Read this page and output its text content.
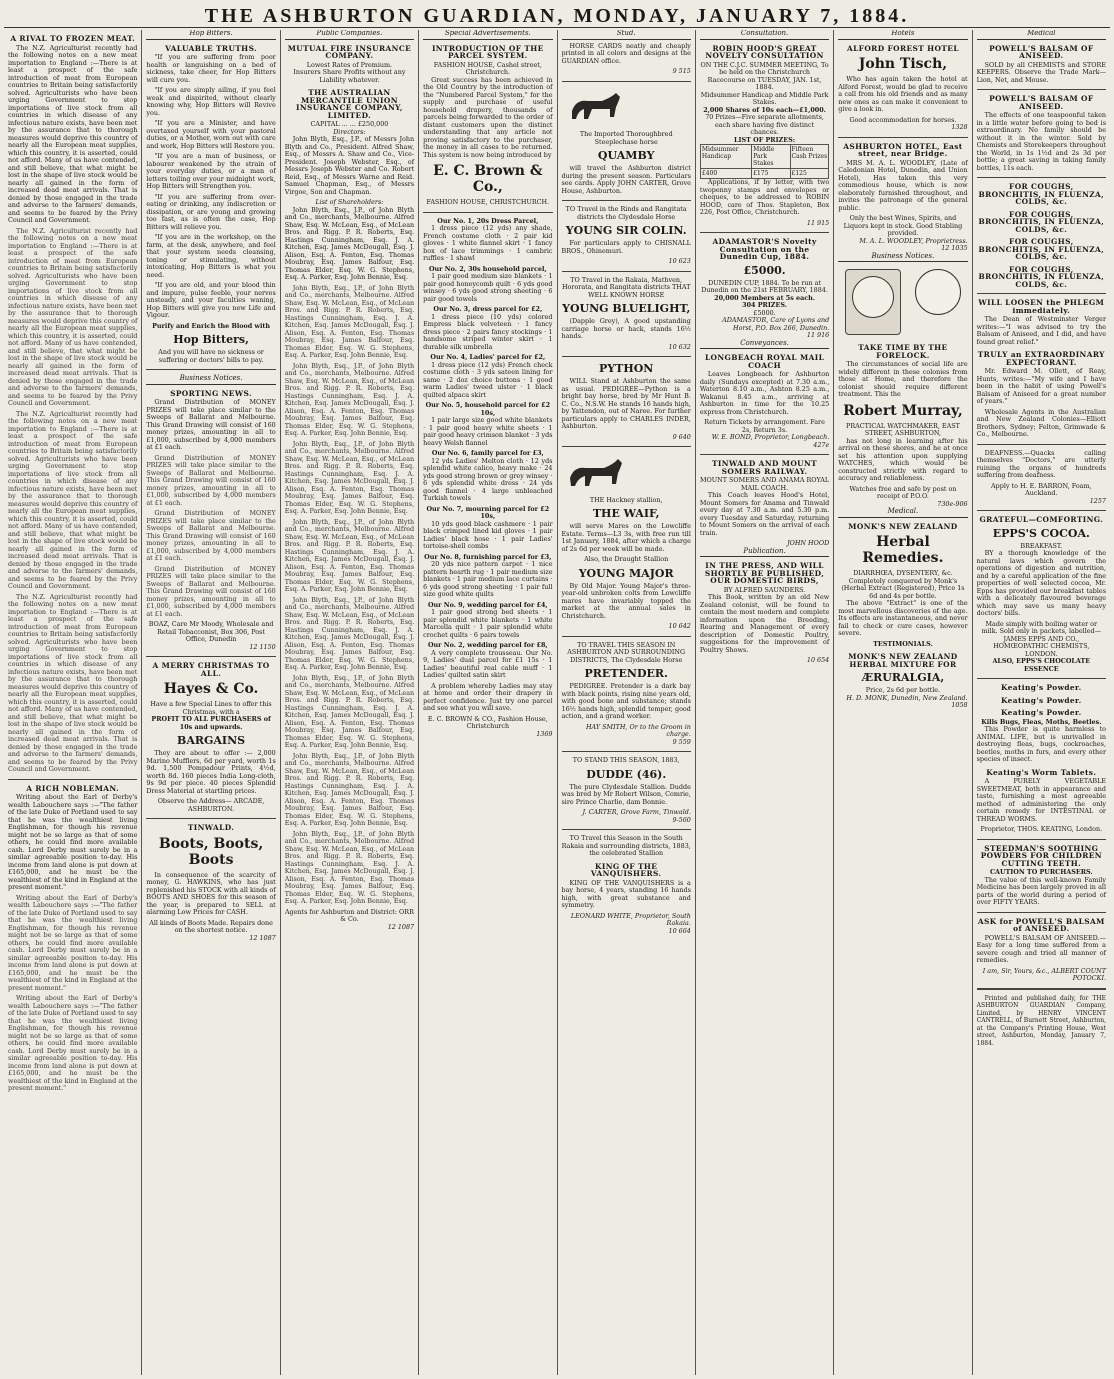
THE ASHBURTON GUARDIAN, MONDAY, JANUARY 7, 1884.
A RIVAL TO FROZEN MEAT.

The N.Z. Agriculturist recently had the following notes on a new meat importation to England :—There is at least a prospect of the safe introduction of meat from European countries to Britain being satisfactorily solved. Agriculturists who have been urging Government to stop importations of live stock from all countries in which disease of any infectious nature exists, have been met by the assurance that to thorough measures would deprive this country of nearly all the European meat supplies, which this country, it is asserted, could not afford. Many of us have contended, and still believe, that what might be lost in the shape of live stock would be nearly all gained in the form of increased dead meat arrivals. That is denied by those engaged in the trade and adverse to the farmers' demands, and seems to be feared by the Privy Council and Government.

The N.Z. Agriculturist recently had the following notes on a new meat importation to England :—There is at least a prospect of the safe introduction of meat from European countries to Britain being satisfactorily solved. Agriculturists who have been urging Government to stop importations of live stock from all countries in which disease of any infectious nature exists, have been met by the assurance that to thorough measures would deprive this country of nearly all the European meat supplies, which this country, it is asserted, could not afford. Many of us have contended, and still believe, that what might be lost in the shape of live stock would be nearly all gained in the form of increased dead meat arrivals. That is denied by those engaged in the trade and adverse to the farmers' demands, and seems to be feared by the Privy Council and Government.

The N.Z. Agriculturist recently had the following notes on a new meat importation to England :—There is at least a prospect of the safe introduction of meat from European countries to Britain being satisfactorily solved. Agriculturists who have been urging Government to stop importations of live stock from all countries in which disease of any infectious nature exists, have been met by the assurance that to thorough measures would deprive this country of nearly all the European meat supplies, which this country, it is asserted, could not afford. Many of us have contended, and still believe, that what might be lost in the shape of live stock would be nearly all gained in the form of increased dead meat arrivals. That is denied by those engaged in the trade and adverse to the farmers' demands, and seems to be feared by the Privy Council and Government.

The N.Z. Agriculturist recently had the following notes on a new meat importation to England :—There is at least a prospect of the safe introduction of meat from European countries to Britain being satisfactorily solved. Agriculturists who have been urging Government to stop importations of live stock from all countries in which disease of any infectious nature exists, have been met by the assurance that to thorough measures would deprive this country of nearly all the European meat supplies, which this country, it is asserted, could not afford. Many of us have contended, and still believe, that what might be lost in the shape of live stock would be nearly all gained in the form of increased dead meat arrivals. That is denied by those engaged in the trade and adverse to the farmers' demands, and seems to be feared by the Privy Council and Government.

A RICH NOBLEMAN.

Writing about the Earl of Derby's wealth Labouchere says :—"The father of the late Duke of Portland used to say that he was the wealthiest living Englishman, for though his revenue might not be so large as that of some others, he could find more available cash. Lord Derby must surely be in a similar agreeable position to-day. His income from land alone is put down at £165,000, and he must be the wealthiest of the kind in England at the present moment."

Writing about the Earl of Derby's wealth Labouchere says :—"The father of the late Duke of Portland used to say that he was the wealthiest living Englishman, for though his revenue might not be so large as that of some others, he could find more available cash. Lord Derby must surely be in a similar agreeable position to-day. His income from land alone is put down at £165,000, and he must be the wealthiest of the kind in England at the present moment."

Writing about the Earl of Derby's wealth Labouchere says :—"The father of the late Duke of Portland used to say that he was the wealthiest living Englishman, for though his revenue might not be so large as that of some others, he could find more available cash. Lord Derby must surely be in a similar agreeable position to-day. His income from land alone is put down at £165,000, and he must be the wealthiest of the kind in England at the present moment."

Hop Bitters.
VALUABLE TRUTHS.

"If you are suffering from poor health or languishing on a bed of sickness, take cheer, for Hop Bitters will cure you.

"If you are simply ailing, if you feel weak and dispirited, without clearly knowing why, Hop Bitters will Revive you.

"If you are a Minister, and have overtaxed yourself with your pastoral duties, or a Mother, worn out with care and work, Hop Bitters will Restore you.

"If you are a man of business, or labourer weakened by the strain of your everyday duties, or a man of letters toiling over your midnight work, Hop Bitters will Strengthen you.

"If you are suffering from over-eating or drinking, any indiscretion or dissipation, or are young and growing too fast, as is often the case, Hop Bitters will relieve you.

"If you are in the workshop, on the farm, at the desk, anywhere, and feel that your system needs cleansing, toning or stimulating, without intoxicating, Hop Bitters is what you need.

"If you are old, and your blood thin and impure, pulse feeble, your nerves unsteady, and your faculties waning, Hop Bitters will give you new Life and Vigour.

Purify and Enrich the Blood with
Hop Bitters,
And you will have no sickness or suffering or doctors' bills to pay.
Business Notices.
SPORTING NEWS.

Grand Distribution of MONEY PRIZES will take place similar to the Sweeps of Ballarat and Melbourne. This Grand Drawing will consist of 160 money prizes, amounting in all to £1,000, subscribed by 4,000 members at £1 each.

Grand Distribution of MONEY PRIZES will take place similar to the Sweeps of Ballarat and Melbourne. This Grand Drawing will consist of 160 money prizes, amounting in all to £1,000, subscribed by 4,000 members at £1 each.

Grand Distribution of MONEY PRIZES will take place similar to the Sweeps of Ballarat and Melbourne. This Grand Drawing will consist of 160 money prizes, amounting in all to £1,000, subscribed by 4,000 members at £1 each.

Grand Distribution of MONEY PRIZES will take place similar to the Sweeps of Ballarat and Melbourne. This Grand Drawing will consist of 160 money prizes, amounting in all to £1,000, subscribed by 4,000 members at £1 each.

BOAZ, Care Mr Moody, Wholesale and Retail Tobacconist, Box 306, Post Office, Dunedin
12 1150
A MERRY CHRISTMAS TO ALL.
Hayes & Co.
Have a few Special Lines to offer this Christmas, with a
PROFIT TO ALL PURCHASERS of 10s and upwards.
BARGAINS

They are about to offer :— 2,000 Marino Mufflers, 6d per yard, worth 1s 9d. 1,500 Pompadour Prints, 4½d, worth 8d. 160 pieces India Long-cloth, 9s 9d per piece. 40 pieces Splendid Dress Material at startling prices.

Observe the Address— ARCADE, ASHBURTON.
TINWALD.
Boots, Boots, Boots

In consequence of the scarcity of money, G. HAWKINS, who has just replenished his STOCK with all kinds of BOOTS AND SHOES for this season of the year, is prepared to SELL at alarming Low Prices for CASH.

All kinds of Boots Made. Repairs done on the shortest notice.
12 1087
Public Companies.
MUTUAL FIRE INSURANCE COMPANY.
Lowest Rates of Premium.
Insurers Share Profits without any Liability whatever.
THE AUSTRALIAN MERCANTILE UNION INSURANCE COMPANY, LIMITED.
CAPITAL ... ... £250,000
Directors:

John Blyth, Esq., J.P., of Messrs John Blyth and Co., President. Alfred Shaw, Esq., of Messrs A. Shaw and Co., Vice-President. Joseph Webster, Esq., of Messrs Joseph Webster and Co. Robert Reid, Esq., of Messrs Warne and Reid. Samuel Chapman, Esq., of Messrs Virgoe, Son and Chapman.

List of Shareholders:

John Blyth, Esq., J.P., of John Blyth and Co., merchants, Melbourne. Alfred Shaw, Esq. W. McLean, Esq., of McLean Bros. and Rigg. P. R. Roberts, Esq. Hastings Cunningham, Esq. J. A. Kitchen, Esq. James McDougall, Esq. J. Alison, Esq. A. Fenton, Esq. Thomas Moubray, Esq. James Balfour, Esq. Thomas Elder, Esq. W. G. Stephens, Esq. A. Parker, Esq. John Bennie, Esq.

John Blyth, Esq., J.P., of John Blyth and Co., merchants, Melbourne. Alfred Shaw, Esq. W. McLean, Esq., of McLean Bros. and Rigg. P. R. Roberts, Esq. Hastings Cunningham, Esq. J. A. Kitchen, Esq. James McDougall, Esq. J. Alison, Esq. A. Fenton, Esq. Thomas Moubray, Esq. James Balfour, Esq. Thomas Elder, Esq. W. G. Stephens, Esq. A. Parker, Esq. John Bennie, Esq.

John Blyth, Esq., J.P., of John Blyth and Co., merchants, Melbourne. Alfred Shaw, Esq. W. McLean, Esq., of McLean Bros. and Rigg. P. R. Roberts, Esq. Hastings Cunningham, Esq. J. A. Kitchen, Esq. James McDougall, Esq. J. Alison, Esq. A. Fenton, Esq. Thomas Moubray, Esq. James Balfour, Esq. Thomas Elder, Esq. W. G. Stephens, Esq. A. Parker, Esq. John Bennie, Esq.

John Blyth, Esq., J.P., of John Blyth and Co., merchants, Melbourne. Alfred Shaw, Esq. W. McLean, Esq., of McLean Bros. and Rigg. P. R. Roberts, Esq. Hastings Cunningham, Esq. J. A. Kitchen, Esq. James McDougall, Esq. J. Alison, Esq. A. Fenton, Esq. Thomas Moubray, Esq. James Balfour, Esq. Thomas Elder, Esq. W. G. Stephens, Esq. A. Parker, Esq. John Bennie, Esq.

John Blyth, Esq., J.P., of John Blyth and Co., merchants, Melbourne. Alfred Shaw, Esq. W. McLean, Esq., of McLean Bros. and Rigg. P. R. Roberts, Esq. Hastings Cunningham, Esq. J. A. Kitchen, Esq. James McDougall, Esq. J. Alison, Esq. A. Fenton, Esq. Thomas Moubray, Esq. James Balfour, Esq. Thomas Elder, Esq. W. G. Stephens, Esq. A. Parker, Esq. John Bennie, Esq.

John Blyth, Esq., J.P., of John Blyth and Co., merchants, Melbourne. Alfred Shaw, Esq. W. McLean, Esq., of McLean Bros. and Rigg. P. R. Roberts, Esq. Hastings Cunningham, Esq. J. A. Kitchen, Esq. James McDougall, Esq. J. Alison, Esq. A. Fenton, Esq. Thomas Moubray, Esq. James Balfour, Esq. Thomas Elder, Esq. W. G. Stephens, Esq. A. Parker, Esq. John Bennie, Esq.

John Blyth, Esq., J.P., of John Blyth and Co., merchants, Melbourne. Alfred Shaw, Esq. W. McLean, Esq., of McLean Bros. and Rigg. P. R. Roberts, Esq. Hastings Cunningham, Esq. J. A. Kitchen, Esq. James McDougall, Esq. J. Alison, Esq. A. Fenton, Esq. Thomas Moubray, Esq. James Balfour, Esq. Thomas Elder, Esq. W. G. Stephens, Esq. A. Parker, Esq. John Bennie, Esq.

John Blyth, Esq., J.P., of John Blyth and Co., merchants, Melbourne. Alfred Shaw, Esq. W. McLean, Esq., of McLean Bros. and Rigg. P. R. Roberts, Esq. Hastings Cunningham, Esq. J. A. Kitchen, Esq. James McDougall, Esq. J. Alison, Esq. A. Fenton, Esq. Thomas Moubray, Esq. James Balfour, Esq. Thomas Elder, Esq. W. G. Stephens, Esq. A. Parker, Esq. John Bennie, Esq.

John Blyth, Esq., J.P., of John Blyth and Co., merchants, Melbourne. Alfred Shaw, Esq. W. McLean, Esq., of McLean Bros. and Rigg. P. R. Roberts, Esq. Hastings Cunningham, Esq. J. A. Kitchen, Esq. James McDougall, Esq. J. Alison, Esq. A. Fenton, Esq. Thomas Moubray, Esq. James Balfour, Esq. Thomas Elder, Esq. W. G. Stephens, Esq. A. Parker, Esq. John Bennie, Esq.

Agents for Ashburton and District: ORR & Co.
12 1087
Special Advertisements.
INTRODUCTION OF THE PARCEL SYSTEM.
FASHION HOUSE, Cashel street, Christchurch.

Great success has been achieved in the Old Country by the introduction of the "Numbered Parcel System," for the supply and purchase of useful household drapery, thousands of parcels being forwarded to the order of distant customers upon the distinct understanding that any article not proving satisfactory to the purchaser, the money in all cases to be returned. This system is now being introduced by

E. C. Brown & Co.,
FASHION HOUSE, CHRISTCHURCH.
Our No. 1, 20s Dress Parcel,

1 dress piece (12 yds) any shade, French costume cloth · 2 pair kid gloves · 1 white flannel skirt · 1 fancy box of lace trimmings · 1 cambric ruffles · 1 shawl

Our No. 2, 30s household parcel,

1 pair good medium size blankets · 1 pair good honeycomb quilt · 6 yds good winsey · 6 yds good strong sheeting · 6 pair good towels

Our No. 3, dress parcel for £2,

1 dress piece (10 yds) colored Empress black velveteen · 1 fancy dress piece · 2 pairs fancy stockings · 1 handsome striped winter skirt · 1 durable silk umbrella

Our No. 4, Ladies' parcel for £2,

1 dress piece (12 yds) French check costume cloth · 3 yds sateen lining for same · 2 doz choice buttons · 1 good warm Ladies' tweed ulster · 1 black quilted alpaca skirt

Our No. 5, household parcel for £2 10s,

1 pair large size good white blankets · 1 pair good heavy white sheets · 1 pair good heavy crimson blanket · 3 yds heavy Welsh flannel

Our No. 6, family parcel for £3,

12 yds Ladies' Melton cloth · 12 yds splendid white calico, heavy make · 24 yds good strong brown or grey winsey · 6 yds splendid white dress · 24 yds good flannel · 4 large unbleached Turkish towels

Our No. 7, mourning parcel for £2 10s,

10 yds good black cashmere · 1 pair black crimped lined kid gloves · 1 pair Ladies' black hose · 1 pair Ladies' tortoise-shell combs

Our No. 8, furnishing parcel for £3,

20 yds nice pattern carpet · 1 nice pattern hearth rug · 1 pair medium size blankets · 1 pair medium lace curtains · 6 yds good strong sheeting · 1 pair full size good white quilts

Our No. 9, wedding parcel for £4,

1 pair good strong bed sheets · 1 pair splendid white blankets · 1 white Marcella quilt · 1 pair splendid white crochet quilts · 6 pairs towels

Our No. 2, wedding parcel for £8,

A very complete trousseau. Our No. 9, Ladies' dual parcel for £1 15s · 1 Ladies' beautiful real cable muff · 1 Ladies' quilted satin skirt

A problem whereby Ladies may stay at home and order their drapery in perfect confidence. Just try one parcel and see what you will save.

E. C. BROWN & CO., Fashion House, Christchurch
1369
Stud.

HORSE CARDS neatly and cheaply printed in all colors and designs at the GUARDIAN office.

9 515
The Imported Thoroughbred Steeplechase horse
QUAMBY

will travel the Ashburton district during the present season. Particulars see cards. Apply JOHN CARTER, Grove House, Ashburton.

TO Travel in the Rinds and Rangitata districts the Clydesdale Horse
YOUNG SIR COLIN.

For particulars apply to CHISNALL BROS., Ohinemuri.

10 623
TO Travel in the Rakaia, Mathven, Hororata, and Rangitata districts THAT WELL KNOWN HORSE
YOUNG BLUELIGHT,

(Dapple Grey), A good upstanding carriage horse or hack, stands 16½ hands.

10 632
PYTHON

WILL Stand at Ashburton the same as usual. PEDIGREE—Python is a bright bay horse, bred by Mr Hunt B. C. Co., N.S.W. He stands 16 hands high, by Yattendon, out of Naree. For further particulars apply to CHARLES INDER, Ashburton.

9 640
THE Hackney stallion,
THE WAIF,

will serve Mares on the Lowcliffe Estate. Terms—L3 3s, with free run till 1st January, 1884, after which a charge of 2s 6d per week will be made.

Also, the Draught Stallion
YOUNG MAJOR

By Old Major. Young Major's three-year-old unbroken colts from Lowcliffe mares have invariably topped the market at the annual sales in Christchurch.

10 642
TO TRAVEL THIS SEASON IN ASHBURTON AND SURROUNDING DISTRICTS, The Clydesdale Horse
PRETENDER.

PEDIGREE. Pretender is a dark bay with black points, rising nine years old, with good bone and substance; stands 16½ hands high, splendid temper, good action, and a grand worker.

HAY SMITH, Or to the Groom in charge.
9 559
TO STAND THIS SEASON, 1883,
DUDDE (46).

The pure Clydesdale Stallion. Dudde was bred by Mr Robert Wilson, Comrie, sire Prince Charlie, dam Bonnie.

J. CARTER, Grove Farm, Tinwald.
9-560
TO Travel this Season in the South Rakaia and surrounding districts, 1883, the celebrated Stallion
KING OF THE VANQUISHERS.

KING OF THE VANQUISHERS is a bay horse, 4 years, standing 16 hands high, with great substance and symmetry.

LEONARD WHITE, Proprietor, South Rakaia.
10 664
Consultation.
ROBIN HOOD'S GREAT NOVELTY CONSULTATION
ON THE C.J.C. SUMMER MEETING, To be held on the Christchurch Racecourse on TUESDAY, JAN. 1st, 1884.
Midsummer Handicap and Middle Park Stakes.
2,000 Shares of 10s each—£1,000.
70 Prizes—Five separate allotments, each share having five distinct chances.
LIST OF PRIZES:
Midsummer Handicap	Middle Park Stakes	Fifteen Cash Prizes
£400	£175	£125

Applications, if by letter, with two twopenny stamps and envelopes or cheques, to be addressed to ROBIN HOOD, care of Thos. Stapleton, Box 226, Post Office, Christchurch.

11 915
ADAMASTOR'S Novelty Consultation on the Dunedin Cup, 1884.
£5000.
DUNEDIN CUP, 1884. To be run at Dunedin on the 21st FEBRUARY, 1884.
20,000 Members at 5s each.
304 PRIZES.
£5000.
ADAMASTOR, Care of Lyons and Horst, P.O. Box 266, Dunedin.
11 916
Conveyances.
LONGBEACH ROYAL MAIL COACH

Leaves Longbeach for Ashburton daily (Sundays excepted) at 7.30 a.m., Waterton 8.10 a.m., Ashton 8.25 a.m., Wakanui 8.45 a.m., arriving at Ashburton in time for the 10.25 express from Christchurch.

Return Tickets by arrangement. Fare 2s, Return 3s.
W. E. BOND, Proprietor, Longbeach.
427e
TINWALD AND MOUNT SOMERS RAILWAY.
MOUNT SOMERS AND ANAMA ROYAL MAIL COACH.

This Coach leaves Hood's Hotel, Mount Somers for Anama and Tinwald every day at 7.30 a.m. and 5.30 p.m. every Tuesday and Saturday, returning to Mount Somers on the arrival of each train.

JOHN HOOD
Publication.
IN THE PRESS, AND WILL SHORTLY BE PUBLISHED, OUR DOMESTIC BIRDS,
BY ALFRED SAUNDERS.

This Book, written by an old New Zealand colonist, will be found to contain the most modern and complete information upon the Breeding, Rearing and Management of every description of Domestic Poultry, suggestions for the improvement of Poultry Shows.

10 654
Hotels
ALFORD FOREST HOTEL
John Tisch,

Who has again taken the hotel at Alford Forest, would be glad to receive a call from his old friends and as many new ones as can make it convenient to give a look in.

Good accommodation for horses.
1328
ASHBURTON HOTEL, East street, near Bridge.

MRS M. A. L. WOODLEY, (Late of Caledonian Hotel, Dunedin, and Union Hotel), Has taken this very commodious house, which is now elaborately furnished throughout, and invites the patronage of the general public.

Only the best Wines, Spirits, and Liquors kept in stock. Good Stabling provided.
M. A. L. WOODLEY, Proprietress.
12 1035
Business Notices.
TAKE TIME BY THE FORELOCK.

The circumstances of social life are widely different in these colonies from those at Home, and therefore the colonist should require different treatment. This the

Robert Murray,
PRACTICAL WATCHMAKER, EAST STREET, ASHBURTON,

has not long in learning after his arrival on these shores, and he at once set his attention upon supplying WATCHES, which would be constructed strictly with regard to accuracy and reliableness.

Watches free and safe by post on receipt of P.O.O.
730e-906
Medical.
MONK'S NEW ZEALAND
Herbal Remedies.
DIARRHŒA, DYSENTERY, &c. Completely conquered by Monk's (Herbal Extract (Registered), Price 1s 6d and 4s per bottle.

The above "Extract" is one of the most marvellous discoveries of the age. Its effects are instantaneous, and never fail to check or cure cases, however severe.

TESTIMONIALS.
MONK'S NEW ZEALAND HERBAL MIXTURE FOR
ÆRURALGIA,
Price, 2s 6d per bottle.
H. D. MONK, Dunedin, New Zealand.
1058
Medical
POWELL'S BALSAM OF ANISEED.

SOLD by all CHEMISTS and STORE KEEPERS. Observe the Trade Mark—Lion, Net, and Mouse.

POWELL'S BALSAM OF ANISEED.

The effects of one teaspoonful taken in a little water before going to bed is extraordinary. No family should be without it in the winter. Sold by Chemists and Storekeepers throughout the World, in 1s 1½d and 2s 3d per bottle; a great saving in taking family bottles, 11s each.

FOR COUGHS, BRONCHITIS, IN FLUENZA, COLDS, &c.
FOR COUGHS, BRONCHITIS, IN FLUENZA, COLDS, &c.
FOR COUGHS, BRONCHITIS, IN FLUENZA, COLDS, &c.
FOR COUGHS, BRONCHITIS, IN FLUENZA, COLDS, &c.
WILL LOOSEN the PHLEGM immediately.

The Dean of Westminster Verger writes:—"I was advised to try the Balsam of Aniseed, and I did, and have found great relief."

TRULY an EXTRAORDINARY EXPECTORANT.

Mr. Edward M. Ollett, of Reay, Hunts, writes:—"My wife and I have been in the habit of using Powell's Balsam of Aniseed for a great number of years."

Wholesale Agents in the Australian and New Zealand Colonies—Elliott Brothers, Sydney; Felton, Grimwade & Co., Melbourne.

DEAFNESS.—Quacks calling themselves "Doctors," are utterly ruining the organs of hundreds suffering from deafness.

Apply to H. E. BARRON, Foam, Auckland.
1257
GRATEFUL—COMFORTING.
EPPS'S COCOA.
BREAKFAST.

BY a thorough knowledge of the natural laws which govern the operations of digestion and nutrition, and by a careful application of the fine properties of well selected cocoa, Mr. Epps has provided our breakfast tables with a delicately flavoured beverage which may save us many heavy doctors' bills.

Made simply with boiling water or milk. Sold only in packets, labelled— JAMES EPPS AND CO., HOMŒOPATHIC CHEMISTS, LONDON.
ALSO, EPPS'S CHOCOLATE ESSENCE
Keating's Powder.
Keating's Powder.
Keating's Powder.
Kills Bugs, Fleas, Moths, Beetles.

This Powder is quite harmless to ANIMAL LIFE, but is unrivalled in destroying fleas, bugs, cockroaches, beetles, moths in furs, and every other species of insect.

Keating's Worm Tablets.

A PURELY VEGETABLE SWEETMEAT, both in appearance and taste, furnishing a most agreeable method of administering the only certain remedy for INTESTINAL or THREAD WORMS.

Proprietor, THOS. KEATING, London.
STEEDMAN'S SOOTHING POWDERS FOR CHILDREN CUTTING TEETH.
CAUTION TO PURCHASERS.

The value of this well-known Family Medicine has been largely proved in all parts of the world during a period of over FIFTY YEARS.

ASK for POWELL'S BALSAM of ANISEED.

POWELL'S BALSAM OF ANISEED.—Easy for a long time suffered from a severe cough and tried all manner of remedies.

I am, Sir, Yours, &c., ALBERT COUNT POTOCKI.

Printed and published daily, for THE ASHBURTON GUARDIAN Company, Limited, by HENRY VINCENT CANTRELL, of Burnett Street, Ashburton, at the Company's Printing House, West street, Ashburton, Monday, January 7, 1884.
